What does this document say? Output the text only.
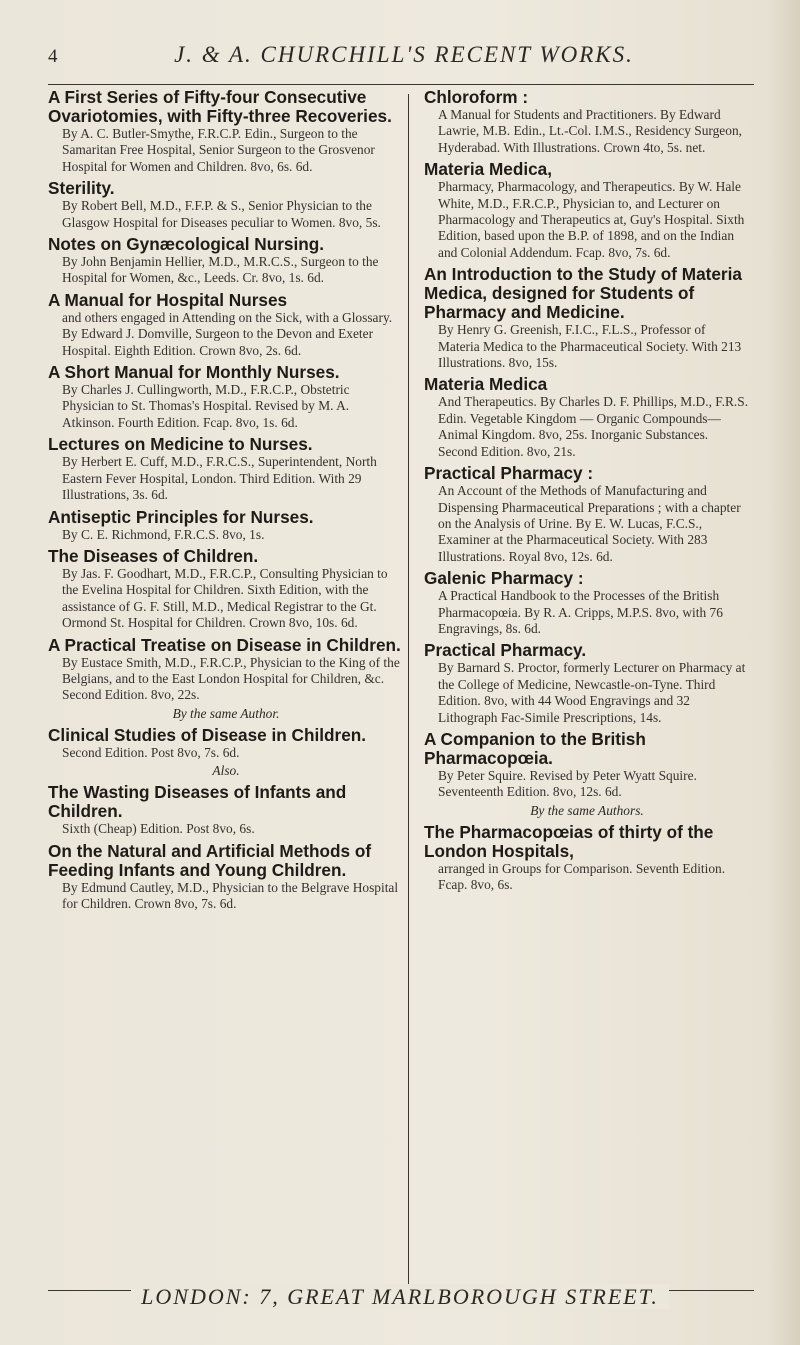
4	J. & A. CHURCHILL'S RECENT WORKS.
A First Series of Fifty-four Consecutive Ovariotomies, with Fifty-three Recoveries.
By A. C. Butler-Smythe, F.R.C.P. Edin., Surgeon to the Samaritan Free Hospital, Senior Surgeon to the Grosvenor Hospital for Women and Children. 8vo, 6s. 6d.
Sterility.
By Robert Bell, M.D., F.F.P. & S., Senior Physician to the Glasgow Hospital for Diseases peculiar to Women. 8vo, 5s.
Notes on Gynæcological Nursing.
By John Benjamin Hellier, M.D., M.R.C.S., Surgeon to the Hospital for Women, &c., Leeds. Cr. 8vo, 1s. 6d.
A Manual for Hospital Nurses
and others engaged in Attending on the Sick, with a Glossary. By Edward J. Domville, Surgeon to the Devon and Exeter Hospital. Eighth Edition. Crown 8vo, 2s. 6d.
A Short Manual for Monthly Nurses.
By Charles J. Cullingworth, M.D., F.R.C.P., Obstetric Physician to St. Thomas's Hospital. Revised by M. A. Atkinson. Fourth Edition. Fcap. 8vo, 1s. 6d.
Lectures on Medicine to Nurses.
By Herbert E. Cuff, M.D., F.R.C.S., Superintendent, North Eastern Fever Hospital, London. Third Edition. With 29 Illustrations, 3s. 6d.
Antiseptic Principles for Nurses.
By C. E. Richmond, F.R.C.S. 8vo, 1s.
The Diseases of Children.
By Jas. F. Goodhart, M.D., F.R.C.P., Consulting Physician to the Evelina Hospital for Children. Sixth Edition, with the assistance of G. F. Still, M.D., Medical Registrar to the Gt. Ormond St. Hospital for Children. Crown 8vo, 10s. 6d.
A Practical Treatise on Disease in Children.
By Eustace Smith, M.D., F.R.C.P., Physician to the King of the Belgians, and to the East London Hospital for Children, &c. Second Edition. 8vo, 22s.
By the same Author.
Clinical Studies of Disease in Children.
Second Edition. Post 8vo, 7s. 6d.
Also.
The Wasting Diseases of Infants and Children.
Sixth (Cheap) Edition. Post 8vo, 6s.
On the Natural and Artificial Methods of Feeding Infants and Young Children.
By Edmund Cautley, M.D., Physician to the Belgrave Hospital for Children. Crown 8vo, 7s. 6d.
Chloroform :
A Manual for Students and Practitioners. By Edward Lawrie, M.B. Edin., Lt.-Col. I.M.S., Residency Surgeon, Hyderabad. With Illustrations. Crown 4to, 5s. net.
Materia Medica,
Pharmacy, Pharmacology, and Therapeutics. By W. Hale White, M.D., F.R.C.P., Physician to, and Lecturer on Pharmacology and Therapeutics at, Guy's Hospital. Sixth Edition, based upon the B.P. of 1898, and on the Indian and Colonial Addendum. Fcap. 8vo, 7s. 6d.
An Introduction to the Study of Materia Medica, designed for Students of Pharmacy and Medicine.
By Henry G. Greenish, F.I.C., F.L.S., Professor of Materia Medica to the Pharmaceutical Society. With 213 Illustrations. 8vo, 15s.
Materia Medica
And Therapeutics. By Charles D. F. Phillips, M.D., F.R.S. Edin. Vegetable Kingdom — Organic Compounds—Animal Kingdom. 8vo, 25s. Inorganic Substances. Second Edition. 8vo, 21s.
Practical Pharmacy :
An Account of the Methods of Manufacturing and Dispensing Pharmaceutical Preparations ; with a chapter on the Analysis of Urine. By E. W. Lucas, F.C.S., Examiner at the Pharmaceutical Society. With 283 Illustrations. Royal 8vo, 12s. 6d.
Galenic Pharmacy :
A Practical Handbook to the Processes of the British Pharmacopœia. By R. A. Cripps, M.P.S. 8vo, with 76 Engravings, 8s. 6d.
Practical Pharmacy.
By Barnard S. Proctor, formerly Lecturer on Pharmacy at the College of Medicine, Newcastle-on-Tyne. Third Edition. 8vo, with 44 Wood Engravings and 32 Lithograph Fac-Simile Prescriptions, 14s.
A Companion to the British Pharmacopœia.
By Peter Squire. Revised by Peter Wyatt Squire. Seventeenth Edition. 8vo, 12s. 6d.
By the same Authors.
The Pharmacopœias of thirty of the London Hospitals,
arranged in Groups for Comparison. Seventh Edition. Fcap. 8vo, 6s.
LONDON: 7, GREAT MARLBOROUGH STREET.
